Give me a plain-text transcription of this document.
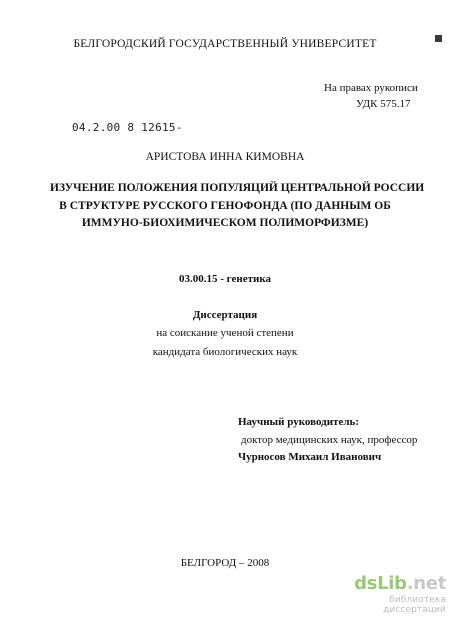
БЕЛГОРОДСКИЙ ГОСУДАРСТВЕННЫЙ УНИВЕРСИТЕТ
На правах рукописи
УДК 575.17
04.2.00 8 12615-
АРИСТОВА ИННА КИМОВНА
ИЗУЧЕНИЕ ПОЛОЖЕНИЯ ПОПУЛЯЦИЙ ЦЕНТРАЛЬНОЙ РОССИИ
В СТРУКТУРЕ РУССКОГО ГЕНОФОНДА (ПО ДАННЫМ ОБ
ИММУНО-БИОХИМИЧЕСКОМ ПОЛИМОРФИЗМЕ)
03.00.15 - генетика
Диссертация
на соискание ученой степени
кандидата биологических наук
Научный руководитель:
доктор медицинских наук, профессор
Чурносов Михаил Иванович
БЕЛГОРОД – 2008
dsLib.net
библиотека диссертаций
